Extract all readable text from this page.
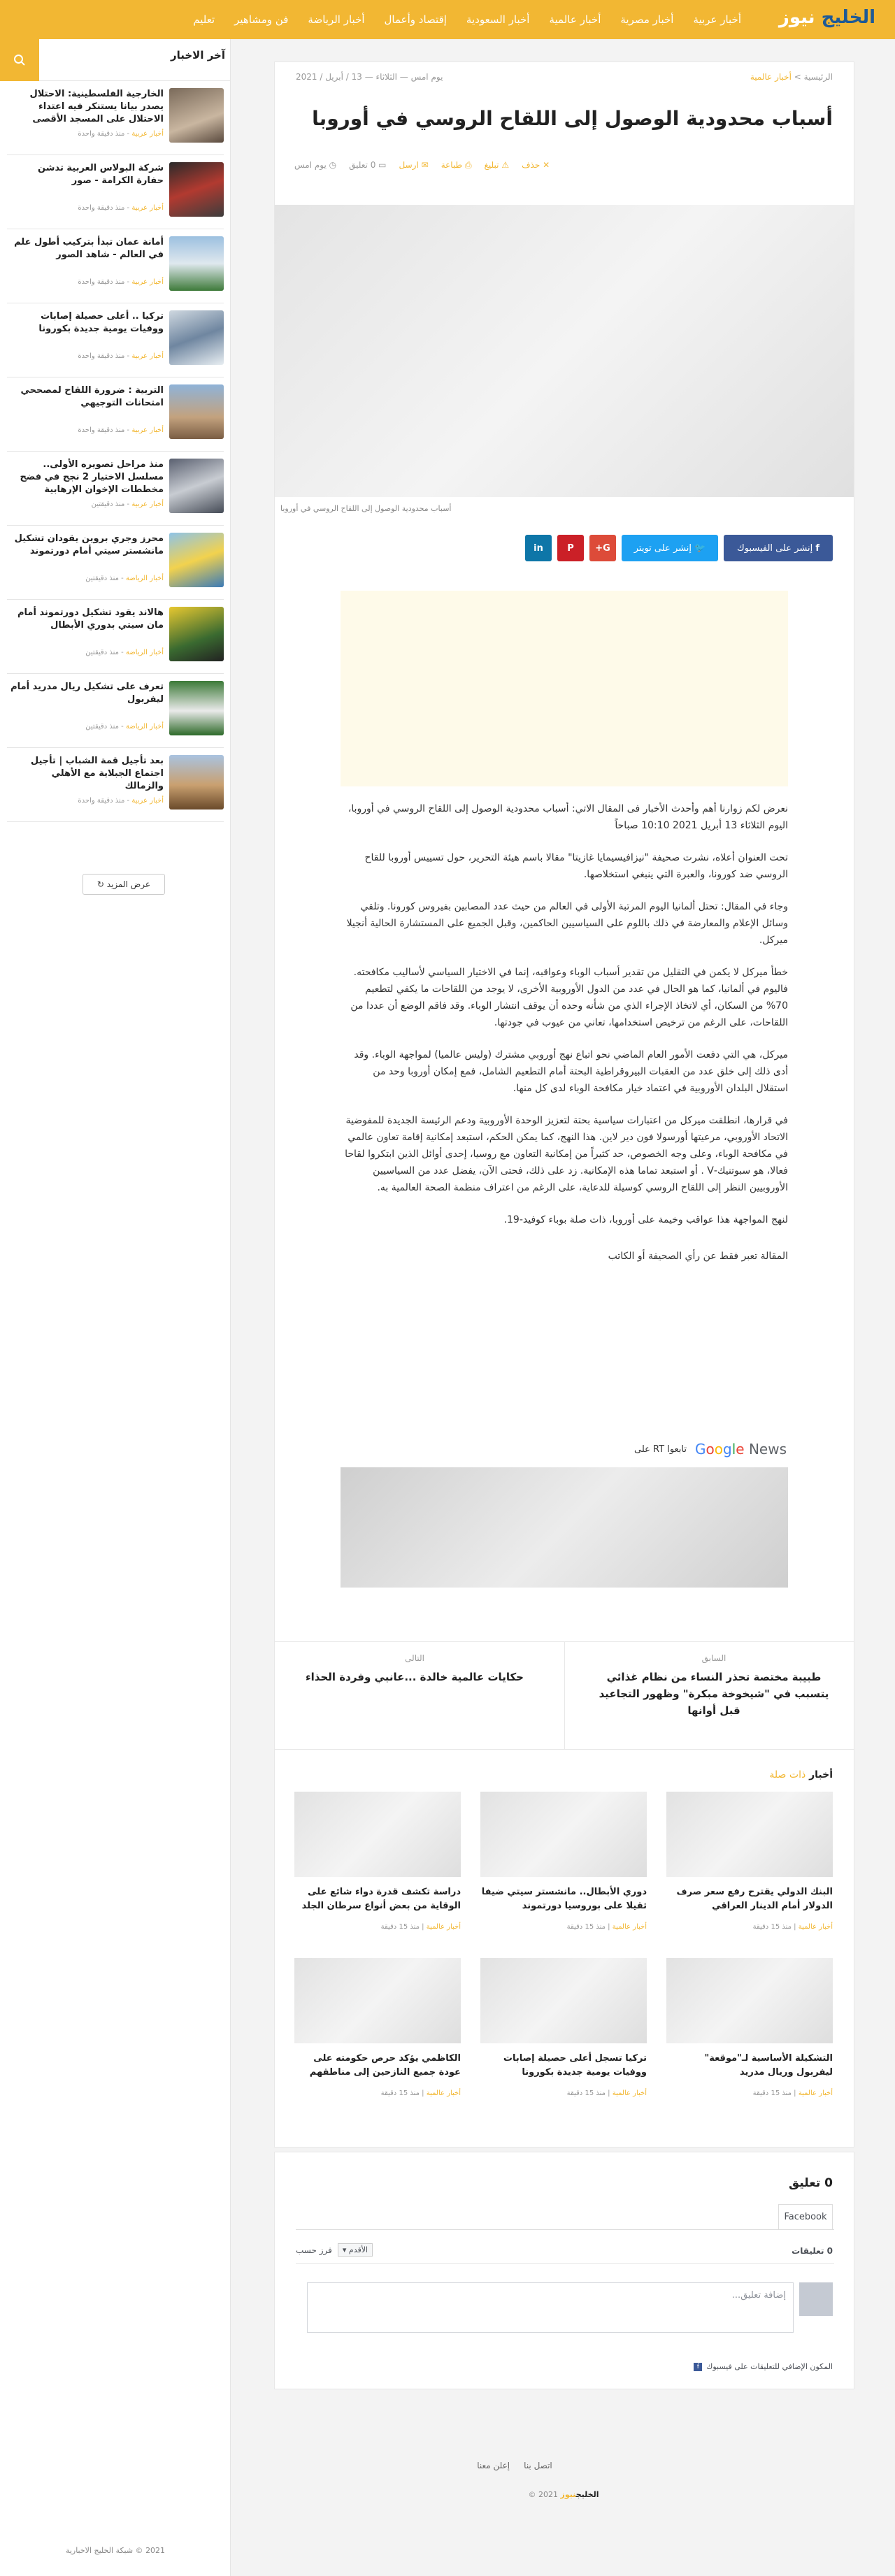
الخليج نيوز
أخبار عربية
أخبار مصرية
أخبار عالمية
أخبار السعودية
إقتصاد وأعمال
أخبار الرياضة
فن ومشاهير
تعليم
آخر الاخبار
الخارجية الفلسطينية: الاحتلال يصدر بيانا يستنكر فيه اعتداء الاحتلال على المسجد الأقصى
أخبار عربية - منذ دقيقة واحدة
شركة البولاس العربية تدشن حفارة الكرامة - صور
أخبار عربية - منذ دقيقة واحدة
أمانة عمان تبدأ بتركيب أطول علم في العالم - شاهد الصور
أخبار عربية - منذ دقيقة واحدة
تركيا .. أعلى حصيلة إصابات ووفيات يومية جديدة بكورونا
أخبار عربية - منذ دقيقة واحدة
التربية : ضرورة اللقاح لمصححي امتحانات التوجيهي
أخبار عربية - منذ دقيقة واحدة
منذ مراحل تصويره الأولى.. مسلسل الاختيار 2 نجح في فضح مخططات الإخوان الإرهابية
أخبار عربية - منذ دقيقتين
محرز وجري بروين يقودان تشكيل مانشستر سيتي أمام دورتموند
أخبار الرياضة - منذ دقيقتين
هالاند يقود تشكيل دورتموند أمام مان سيتي بدوري الأبطال
أخبار الرياضة - منذ دقيقتين
تعرف على تشكيل ريال مدريد أمام ليفربول
أخبار الرياضة - منذ دقيقتين
بعد تأجيل قمة الشباب | تأجيل اجتماع الجبلاية مع الأهلي والزمالك
أخبار عربية - منذ دقيقة واحدة
عرض المزيد

↻
2021 © شبكة الخليج الاخبارية
الرئيسية > أخبار عالمية
يوم امس — الثلاثاء — 13 / أبريل / 2021
أسباب محدودية الوصول إلى اللقاح الروسي في أوروبا
◷ يوم امس	▭ 0 تعليق	✉ ارسل	⎙ طباعة	⚠ تبليغ	✕ حذف
أسباب محدودية الوصول إلى اللقاح الروسي في أوروبا
f

إنشر على الفيسبوك
🐦

إنشر على تويتر
G+
P
in

نعرض لكم زوارنا أهم وأحدث الأخبار فى المقال الاتي: أسباب محدودية الوصول إلى اللقاح الروسي في أوروبا، اليوم الثلاثاء 13 أبريل 2021 10:10 صباحاً

تحت العنوان أعلاه، نشرت صحيفة "نيزافيسيمايا غازيتا" مقالا باسم هيئة التحرير، حول تسييس أوروبا للقاح الروسي ضد كورونا، والعبرة التي ينبغي استخلاصها.

وجاء في المقال: تحتل ألمانيا اليوم المرتبة الأولى في العالم من حيث عدد المصابين بفيروس كورونا. وتلقي وسائل الإعلام والمعارضة في ذلك باللوم على السياسيين الحاكمين، وقبل الجميع على المستشارة الحالية أنجيلا ميركل.

خطأ ميركل لا يكمن في التقليل من تقدير أسباب الوباء وعواقبه، إنما في الاختيار السياسي لأساليب مكافحته. فاليوم في ألمانيا، كما هو الحال في عدد من الدول الأوروبية الأخرى، لا يوجد من اللقاحات ما يكفي لتطعيم 70% من السكان، أي لاتخاذ الإجراء الذي من شأنه وحده أن يوقف انتشار الوباء. وقد فاقم الوضع أن عددا من اللقاحات، على الرغم من ترخيص استخدامها، تعاني من عيوب في جودتها.

ميركل، هي التي دفعت الأمور العام الماضي نحو اتباع نهج أوروبي مشترك (وليس عالميا) لمواجهة الوباء. وقد أدى ذلك إلى خلق عدد من العقبات البيروقراطية البحتة أمام التطعيم الشامل، فمع إمكان أوروبا وحد من استقلال البلدان الأوروبية في اعتماد خيار مكافحة الوباء لدى كل منها.

في قرارها، انطلقت ميركل من اعتبارات سياسية بحتة لتعزيز الوحدة الأوروبية ودعم الرئيسة الجديدة للمفوضية الاتحاد الأوروبي، مرعيتها أورسولا فون دير لاين. هذا النهج، كما يمكن الحكم، استبعد إمكانية إقامة تعاون عالمي في مكافحة الوباء، وعلى وجه الخصوص، حد كثيراً من إمكانية التعاون مع روسيا، إحدى أوائل الذين ابتكروا لقاحا فعالا، هو سبوتنيك-V . أو استبعد تماما هذه الإمكانية. زد على ذلك، فحتى الآن، يفضل عدد من السياسيين الأوروبيين النظر إلى اللقاح الروسي كوسيلة للدعاية، على الرغم من اعتراف منظمة الصحة العالمية به.

لنهج المواجهة هذا عواقب وخيمة على أوروبا، ذات صلة بوباء كوفيد-19.

المقالة تعبر فقط عن رأي الصحيفة أو الكاتب

تابعوا RT على Google News
السابق
طبيبة مختصة تحذر النساء من نظام غذائي يتسبب في "شيخوخة مبكرة" وظهور التجاعيد قبل أوانها
التالى
حكايات عالمية خالدة ...عانبي وفردة الحذاء
أخبار ذات صلة
البنك الدولي يقترح رفع سعر صرف الدولار أمام الدينار العراقي
أخبار عالمية | منذ 15 دقيقة
دوري الأبطال.. مانشستر سيتي ضيفا ثقيلا على بوروسيا دورتموند
أخبار عالمية | منذ 15 دقيقة
دراسة تكشف قدرة دواء شائع على الوقاية من بعض أنواع سرطان الجلد
أخبار عالمية | منذ 15 دقيقة
التشكيلة الأساسية لـ"موقعة" ليفربول وريال مدريد
أخبار عالمية | منذ 15 دقيقة
تركيا تسجل أعلى حصيلة إصابات ووفيات يومية جديدة بكورونا
أخبار عالمية | منذ 15 دقيقة
الكاظمي يؤكد حرص حكومته على عودة جميع النازحين إلى مناطقهم
أخبار عالمية | منذ 15 دقيقة
0 تعليق
Facebook
0 تعليقات
فرز حسب	الأقدم ▾
إضافة تعليق...
f المكون الإضافي للتعليقات على فيسبوك
اتصل بنا
إعلن معنا
© 2021 الخليجنيوز
